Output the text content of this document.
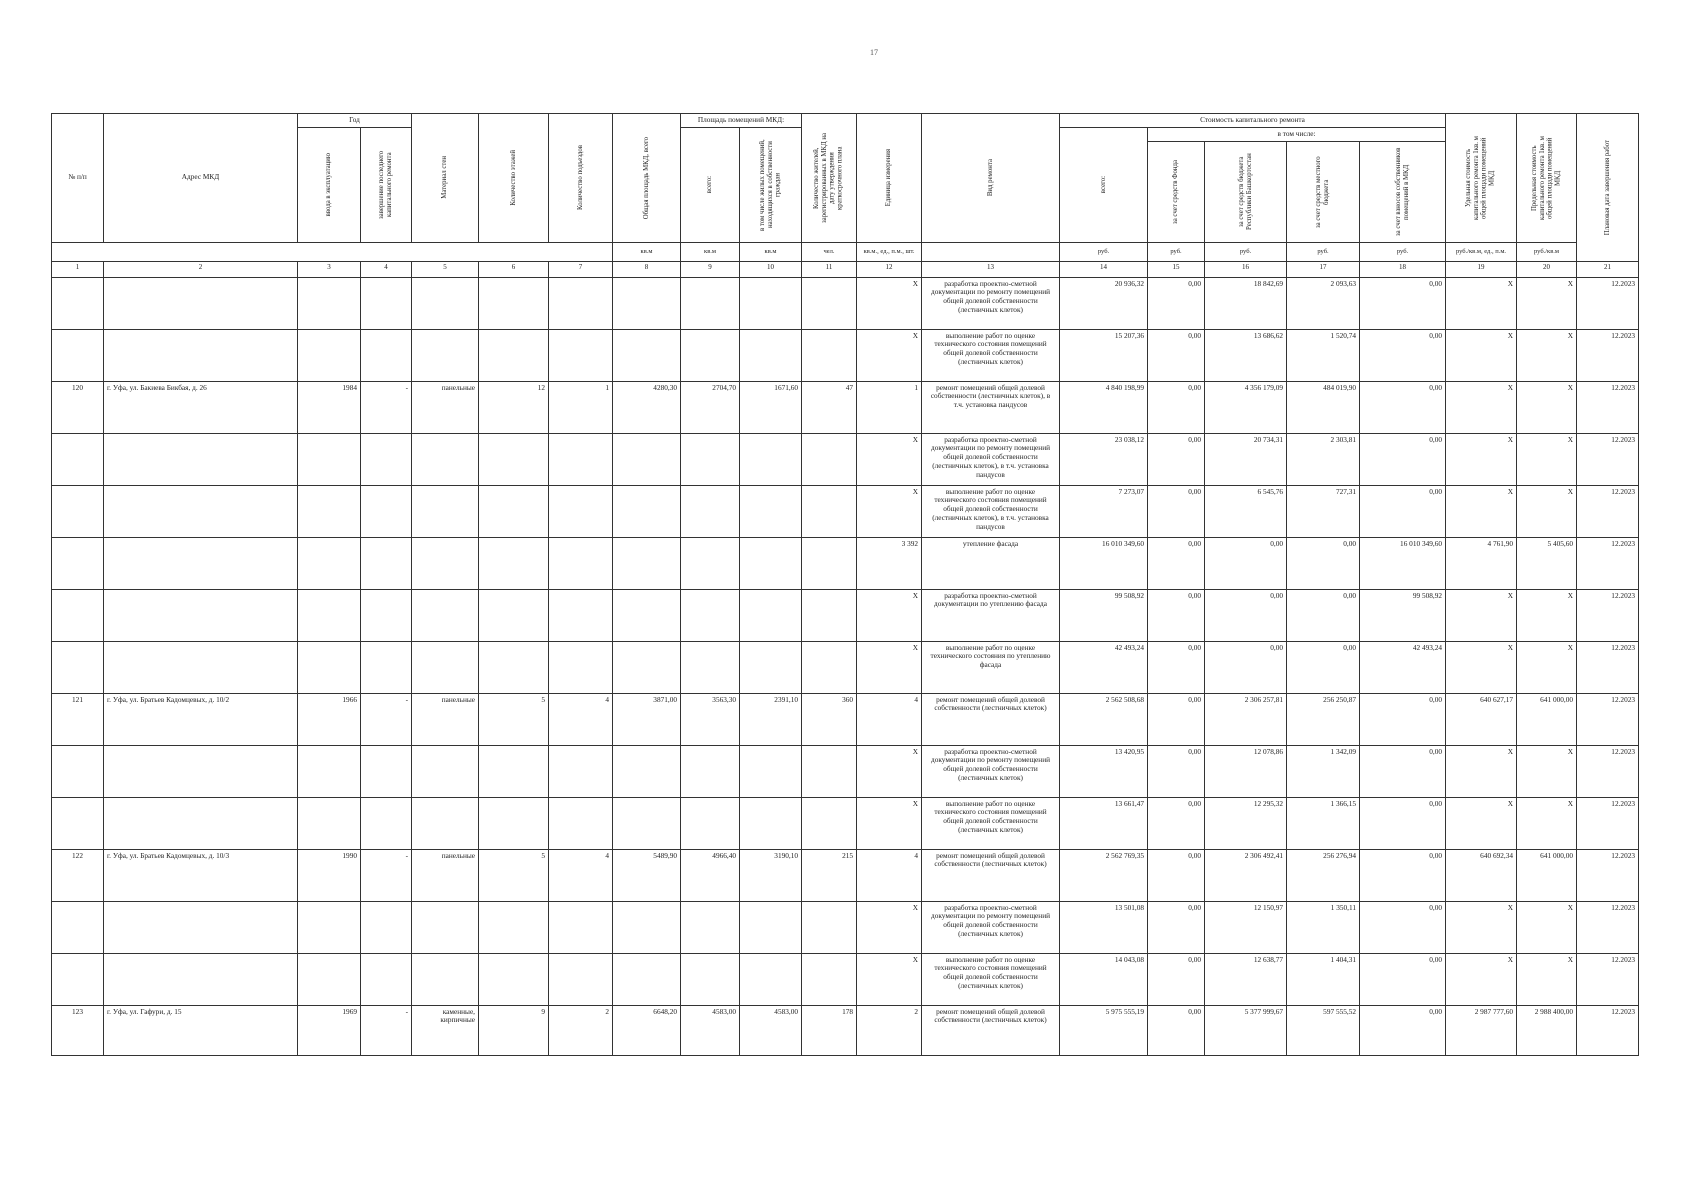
17
№ п/п	Адрес МКД	Год		Материал стен	Количество этажей	Количество подъездов	Общая площадь МКД, всего	Площадь помещений МКД:		Количество жителей, зарегистрированных в МКД на дату утверждения краткосрочного плана	Единица измерения	Вид ремонта	Стоимость капитального ремонта					Удельная стоимость капитального ремонта 1кв. м общей площади помещений МКД	Предельная стоимость капитального ремонта 1кв. м общей площади помещений МКД	Плановая дата завершения работ

		ввода в эксплуатацию	завершение последнего капитального ремонта					всего:	в том числе жилых помещений, находящихся в собственности граждан				всего:	в том числе:						

														за счет средств Фонда	за счет средств бюджета Республики Башкортостан	за счет средств местного бюджета	за счет взносов собственников помещений в МКД			

							кв.м	кв.м	кв.м	чел.	кв.м., ед., п.м., шт.		руб.	руб.	руб.	руб.	руб.	руб./кв.м, ед., п.м.	руб./кв.м	
1	2	3	4	5	6	7	8	9	10	11	12	13	14	15	16	17	18	19	20	21
											X	разработка проектно-сметной документации по ремонту помещений общей долевой собственности (лестничных клеток)	20 936,32	0,00	18 842,69	2 093,63	0,00	X	X	12.2023
											X	выполнение работ по оценке технического состояния помещений общей долевой собственности (лестничных клеток)	15 207,36	0,00	13 686,62	1 520,74	0,00	X	X	12.2023
120	г. Уфа, ул. Бакиева Бикбая, д. 26	1984	-	панельные	12	1	4280,30	2704,70	1671,60	47	1	ремонт помещений общей долевой собственности (лестничных клеток), в т.ч. установка пандусов	4 840 198,99	0,00	4 356 179,09	484 019,90	0,00	X	X	12.2023
											X	разработка проектно-сметной документации по ремонту помещений общей долевой собственности (лестничных клеток), в т.ч. установка пандусов	23 038,12	0,00	20 734,31	2 303,81	0,00	X	X	12.2023
											X	выполнение работ по оценке технического состояния помещений общей долевой собственности (лестничных клеток), в т.ч. установка пандусов	7 273,07	0,00	6 545,76	727,31	0,00	X	X	12.2023
											3 392	утепление фасада	16 010 349,60	0,00	0,00	0,00	16 010 349,60	4 761,90	5 405,60	12.2023
											X	разработка проектно-сметной документации по утеплению фасада	99 508,92	0,00	0,00	0,00	99 508,92	X	X	12.2023
											X	выполнение работ по оценке технического состояния по утеплению фасада	42 493,24	0,00	0,00	0,00	42 493,24	X	X	12.2023
121	г. Уфа, ул. Братьев Кадомцевых, д. 10/2	1966	-	панельные	5	4	3871,00	3563,30	2391,10	360	4	ремонт помещений общей долевой собственности (лестничных клеток)	2 562 508,68	0,00	2 306 257,81	256 250,87	0,00	640 627,17	641 000,00	12.2023
											X	разработка проектно-сметной документации по ремонту помещений общей долевой собственности (лестничных клеток)	13 420,95	0,00	12 078,86	1 342,09	0,00	X	X	12.2023
											X	выполнение работ по оценке технического состояния помещений общей долевой собственности (лестничных клеток)	13 661,47	0,00	12 295,32	1 366,15	0,00	X	X	12.2023
122	г. Уфа, ул. Братьев Кадомцевых, д. 10/3	1990	-	панельные	5	4	5489,90	4966,40	3190,10	215	4	ремонт помещений общей долевой собственности (лестничных клеток)	2 562 769,35	0,00	2 306 492,41	256 276,94	0,00	640 692,34	641 000,00	12.2023
											X	разработка проектно-сметной документации по ремонту помещений общей долевой собственности (лестничных клеток)	13 501,08	0,00	12 150,97	1 350,11	0,00	X	X	12.2023
											X	выполнение работ по оценке технического состояния помещений общей долевой собственности (лестничных клеток)	14 043,08	0,00	12 638,77	1 404,31	0,00	X	X	12.2023
123	г. Уфа, ул. Гафури, д. 15	1969	-	каменные, кирпичные	9	2	6648,20	4583,00	4583,00	178	2	ремонт помещений общей долевой собственности (лестничных клеток)	5 975 555,19	0,00	5 377 999,67	597 555,52	0,00	2 987 777,60	2 988 400,00	12.2023
